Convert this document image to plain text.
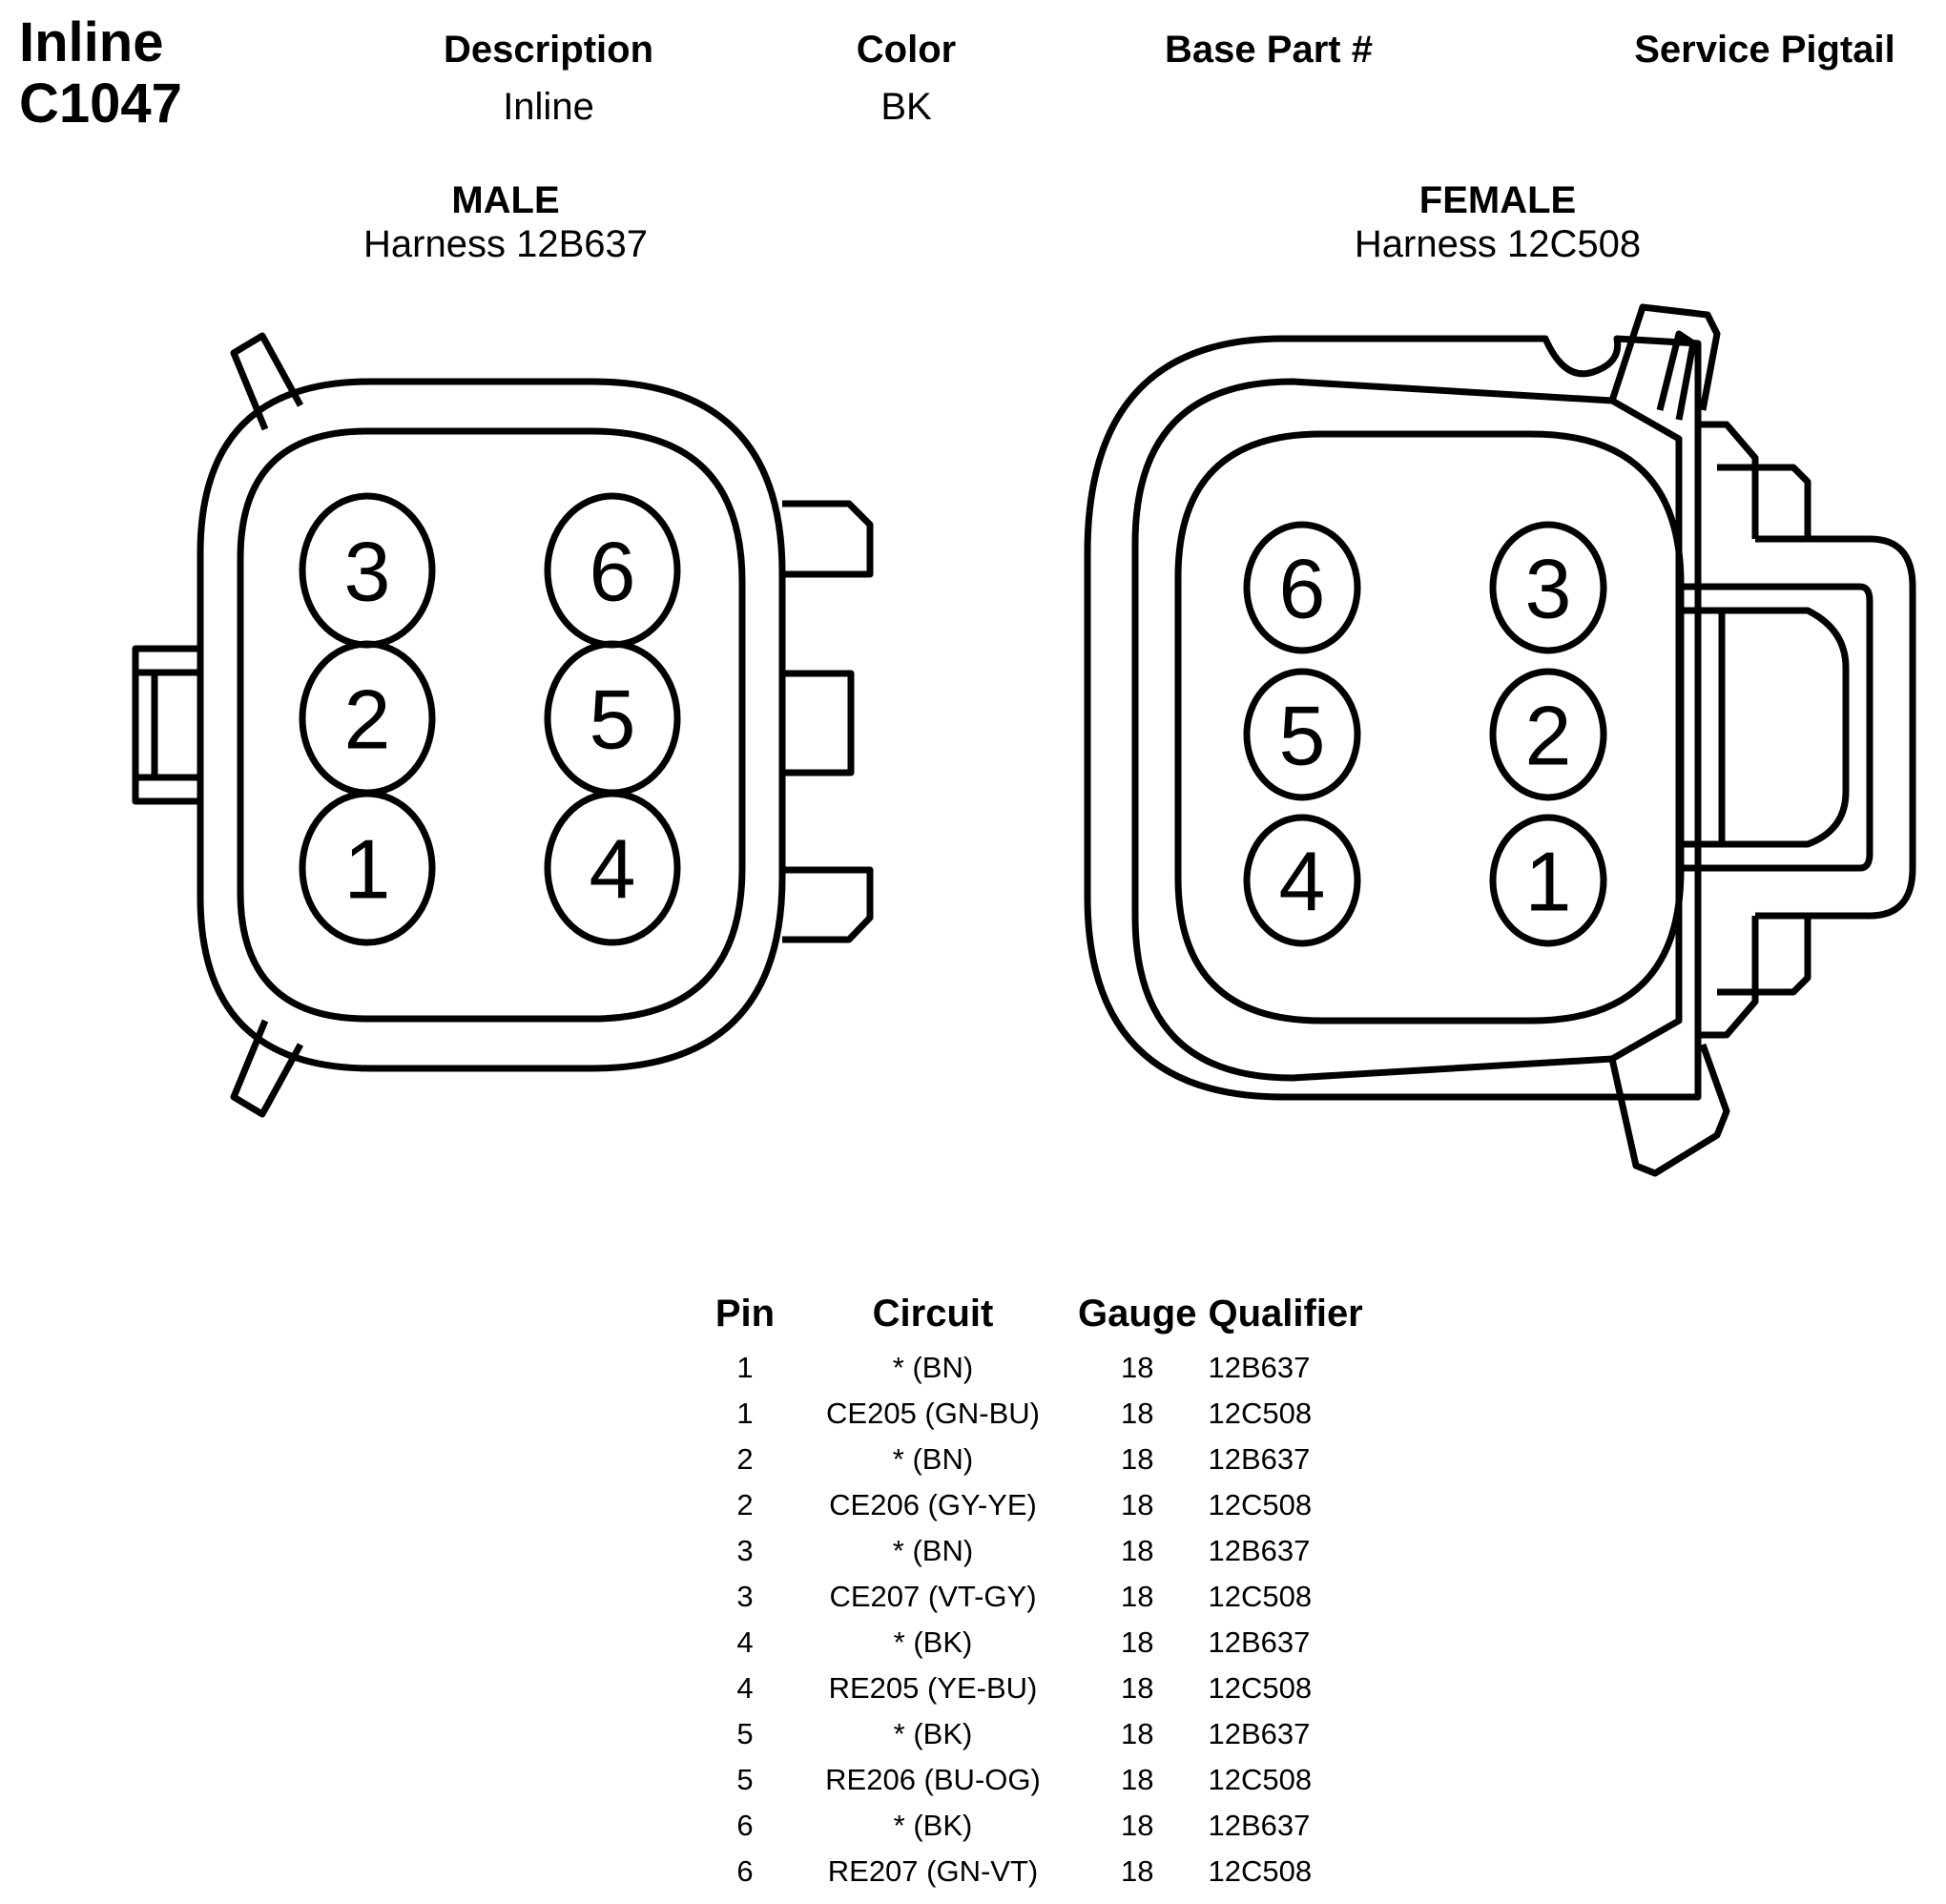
Inline
C1047
Description
Inline
Color
BK
Base Part #	Service Pigtail
MALE
Harness 12B637
FEMALE
Harness 12C508
3
2
1
6
5
4
6
5
4
3
2
1
Pin	Circuit	Gauge	Qualifier
1	* (BN)	18	12B637
1	CE205 (GN-BU)	18	12C508
2	* (BN)	18	12B637
2	CE206 (GY-YE)	18	12C508
3	* (BN)	18	12B637
3	CE207 (VT-GY)	18	12C508
4	* (BK)	18	12B637
4	RE205 (YE-BU)	18	12C508
5	* (BK)	18	12B637
5	RE206 (BU-OG)	18	12C508
6	* (BK)	18	12B637
6	RE207 (GN-VT)	18	12C508
